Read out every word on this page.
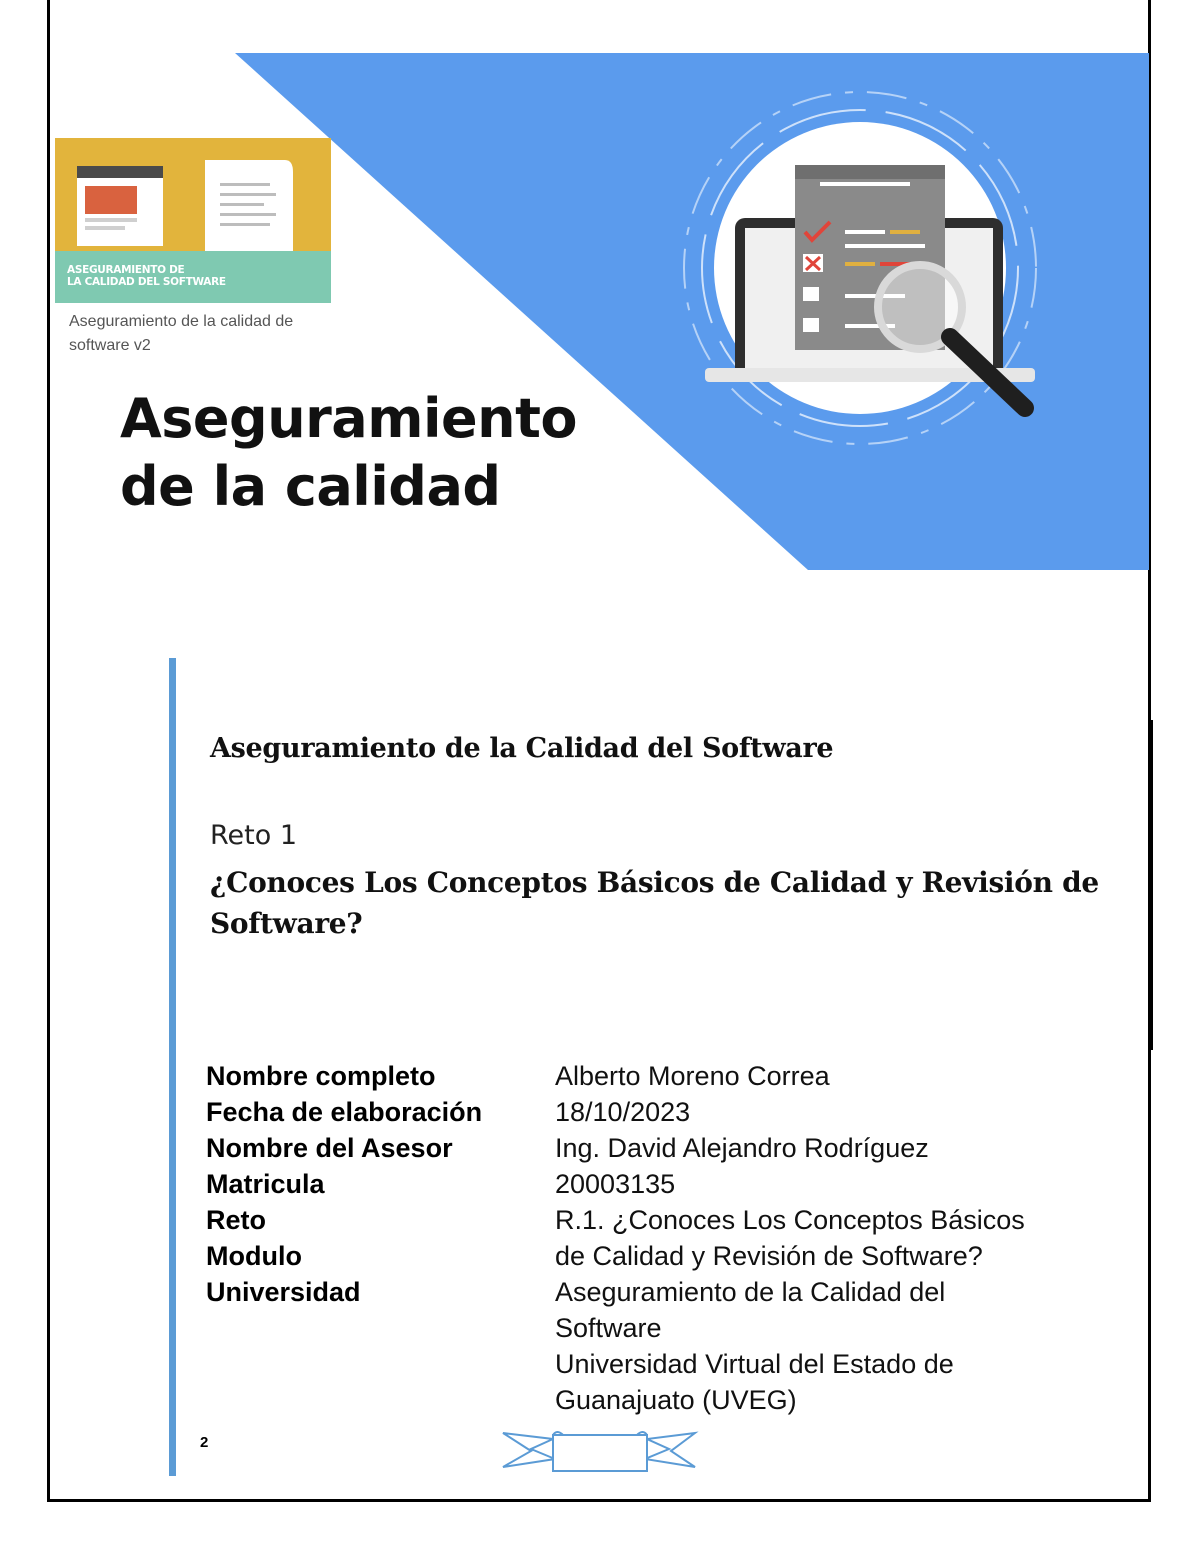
ASEGURAMIENTO DE
LA CALIDAD DEL SOFTWARE
Aseguramiento de la calidad de software v2
Aseguramiento
de la calidad
Aseguramiento de la Calidad del Software
Reto 1
¿Conoces Los Conceptos Básicos de Calidad y Revisión de Software?
Nombre completo
Fecha de elaboración
Nombre del Asesor
Matricula
Reto
Modulo
Universidad
Alberto Moreno Correa
18/10/2023
Ing. David Alejandro Rodríguez
20003135
R.1. ¿Conoces Los Conceptos Básicos
de Calidad y Revisión de Software?
Aseguramiento de la Calidad del
Software
Universidad Virtual del Estado de
Guanajuato (UVEG)
2
